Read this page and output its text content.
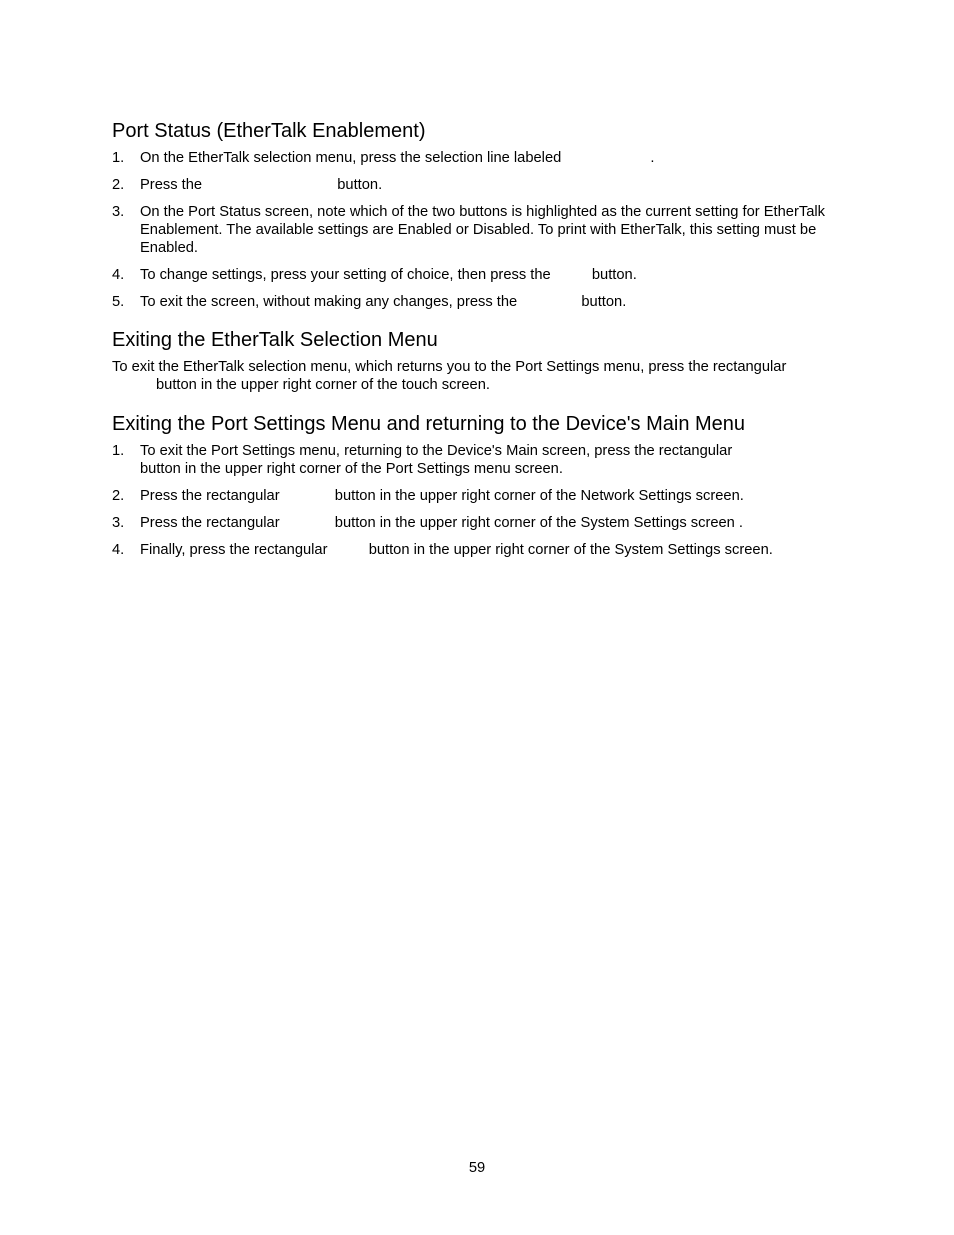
Port Status (EtherTalk Enablement)
1. On the EtherTalk selection menu, press the selection line labeled	.
2. Press the	button.
3. On the Port Status screen, note which of the two buttons is highlighted as the current setting for EtherTalk Enablement. The available settings are Enabled or Disabled. To print with EtherTalk, this setting must be Enabled.
4. To change settings, press your setting of choice, then press the	button.
5. To exit the screen, without making any changes, press the	button.
Exiting the EtherTalk Selection Menu

To exit the EtherTalk selection menu, which returns you to the Port Settings menu, press the rectangular
button in the upper right corner of the touch screen.

Exiting the Port Settings Menu and returning to the Device's Main Menu
1. To exit the Port Settings menu, returning to the Device's Main screen, press the rectangular
button in the upper right corner of the Port Settings menu screen.
2. Press the rectangular	button in the upper right corner of the Network Settings screen.
3. Press the rectangular	button in the upper right corner of the System Settings screen .
4. Finally, press the rectangular	button in the upper right corner of the System Settings screen.
59
